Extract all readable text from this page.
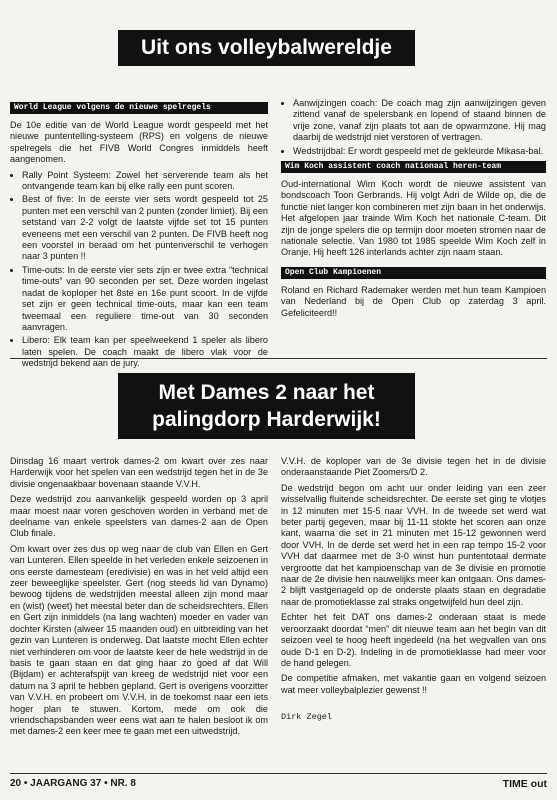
Uit ons volleybalwereldje
World League volgens de nieuwe spelregels

De 10e editie van de World League wordt gespeeld met het nieuwe puntentelling-systeem (RPS) en volgens de nieuwe spelregels die het FIVB World Congres inmiddels heeft aangenomen.

• Rally Point Systeem: Zowel het serverende team als het ontvangende team kan bij elke rally een punt scoren.
• Best of five: In de eerste vier sets wordt gespeeld tot 25 punten met een verschil van 2 punten (zonder limiet). Bij een setstand van 2-2 volgt de laatste vijfde set tot 15 punten eveneens met een verschil van 2 punten. De FIVB heeft nog een voorstel in beraad om het puntenverschil te verhogen naar 3 punten !!
• Time-outs: In de eerste vier sets zijn er twee extra “technical time-outs” van 90 seconden per set. Deze worden ingelast nadat de koploper het 8ste en 16e punt scoort. In de vijfde set zijn er geen technical time-outs, maar kan een team tweemaal een reguliere time-out van 30 seconden aanvragen.
• Libero: Elk team kan per speelweekend 1 speler als libero laten spelen. De coach maakt de libero vlak voor de wedstrijd bekend aan de jury.
• Aanwijzingen coach: De coach mag zijn aanwijzingen geven zittend vanaf de spelersbank en lopend of staand binnen de vrije zone, vanaf zijn plaats tot aan de opwarmzone. Hij mag daarbij de wedstrijd niet verstoren of vertragen.
• Wedstrijdbal: Er wordt gespeeld met de gekleurde Mikasa-bal.
Wim Koch assistent coach nationaal heren-team

Oud-international Wim Koch wordt de nieuwe assistent van bondscoach Toon Gerbrands. Hij volgt Adri de Wilde op, die de functie niet langer kon combineren met zijn baan in het onderwijs. Het afgelopen jaar trainde Wim Koch het nationale C-team. Dit zijn de jonge spelers die op termijn door moeten stromen naar de nationale selectie. Van 1980 tot 1985 speelde Wim Koch zelf in Oranje. Hij heeft 126 interlands achter zijn naam staan.

Open Club Kampioenen

Roland en Richard Rademaker werden met hun team Kampioen van Nederland bij de Open Club op zaterdag 3 april. Gefeliciteerd!!

Met Dames 2 naar het
palingdorp Harderwijk!

Dinsdag 16 maart vertrok dames-2 om kwart over zes naar Harderwijk voor het spelen van een wedstrijd tegen het in de 3e divisie ongenaakbaar bovenaan staande V.V.H.

Deze wedstrijd zou aanvankelijk gespeeld worden op 3 april maar moest naar voren geschoven worden in verband met de deelname van enkele speelsters van dames-2 aan de Open Club finale.

Om kwart over zes dus op weg naar de club van Ellen en Gert van Lunteren. Ellen speelde in het verleden enkele seizoenen in ons eerste damesteam (eredivisie) en was in het veld altijd een zeer beweeglijke speelster. Gert (nog steeds lid van Dynamo) bewoog tijdens de wedstrijden meestal alleen zijn mond maar en (wist) (weet) het meestal beter dan de scheidsrechters. Ellen en Gert zijn inmiddels (na lang wachten) moeder en vader van dochter Kirsten (alweer 15 maanden oud) en uitbreiding van het gezin van Lunteren is onderweg. Dat laatste mocht Ellen echter niet verhinderen om voor de laatste keer de hele wedstrijd in de basis te gaan staan en dat ging haar zo goed af dat Will (Bijdam) er achterafspijt van kreeg de wedstrijd niet voor een datum na 3 april te hebben gepland. Gert is overigens voorzitter van V.V.H. en probeert om V.V.H. in de toekomst naar een iets hoger plan te stuwen. Kortom, mede om ook die vriendschapsbanden weer eens wat aan te halen besloot ik om met dames-2 een keer mee te gaan met een uitwedstrijd.

V.V.H. de koploper van de 3e divisie tegen het in de divisie onderaanstaande Piet Zoomers/D 2.

De wedstrijd begon om acht uur onder leiding van een zeer wisselvallig fluitende scheidsrechter. De eerste set ging te vlotjes in 12 minuten met 15-5 naar VVH. In de tweede set werd wat beter partij gegeven, maar bij 11-11 stokte het scoren aan onze kant, waarna die set in 21 minuten met 15-12 gewonnen werd door VVH. In de derde set werd het in een rap tempo 15-2 voor VVH dat daarmee met de 3-0 winst hun puntentotaal dermate vergrootte dat het kampioenschap van de 3e divisie en promotie naar de 2e divisie hen nauwelijks meer kan ontgaan. Ons dames-2 blijft vastgenageld op de onderste plaats staan en degradatie naar de promotieklasse zal straks ongetwijfeld hun deel zijn.

Echter het feit DAT ons dames-2 onderaan staat is mede veroorzaakt doordat “men” dit nieuwe team aan het begin van dit seizoen veel te hoog heeft ingedeeld (na het wegvallen van ons oude D-1 en D-2). Indeling in de promotieklasse had meer voor de hand gelegen.

De competitie afmaken, met vakantie gaan en volgend seizoen wat meer volleybalplezier gewenst !!

Dirk Zegel
20 • JAARGANG 37 • NR. 8	TIME out
